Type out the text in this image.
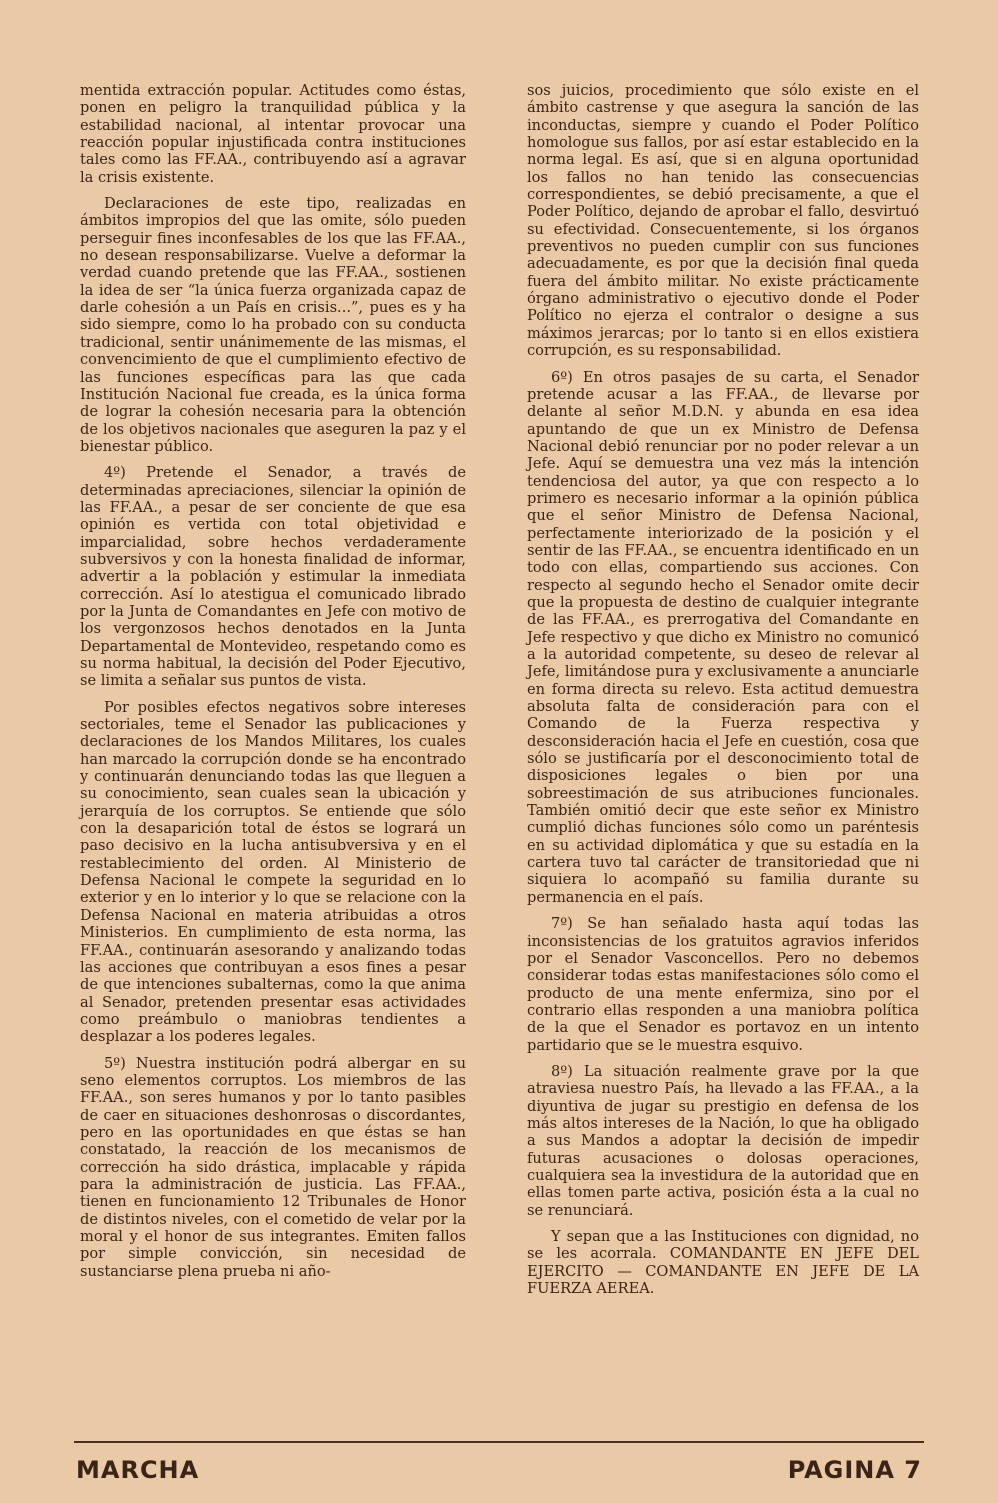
mentida extracción popular. Actitudes como éstas, ponen en peligro la tranquilidad pública y la estabilidad nacional, al intentar provocar una reacción popular injustificada contra instituciones tales como las FF.AA., contribuyendo así a agravar la crisis existente.

Declaraciones de este tipo, realizadas en ámbitos impropios del que las omite, sólo pueden perseguir fines inconfesables de los que las FF.AA., no desean responsabilizarse. Vuelve a deformar la verdad cuando pretende que las FF.AA., sostienen la idea de ser “la única fuerza organizada capaz de darle cohesión a un País en crisis...”, pues es y ha sido siempre, como lo ha probado con su conducta tradicional, sentir unánimemente de las mismas, el convencimiento de que el cumplimiento efectivo de las funciones específicas para las que cada Institución Nacional fue creada, es la única forma de lograr la cohesión necesaria para la obtención de los objetivos nacionales que aseguren la paz y el bienestar público.

4º) Pretende el Senador, a través de determinadas apreciaciones, silenciar la opinión de las FF.AA., a pesar de ser conciente de que esa opinión es vertida con total objetividad e imparcialidad, sobre hechos verdaderamente subversivos y con la honesta finalidad de informar, advertir a la población y estimular la inmediata corrección. Así lo atestigua el comunicado librado por la Junta de Comandantes en Jefe con motivo de los vergonzosos hechos denotados en la Junta Departamental de Montevideo, respetando como es su norma habitual, la decisión del Poder Ejecutivo, se limita a señalar sus puntos de vista.

Por posibles efectos negativos sobre intereses sectoriales, teme el Senador las publicaciones y declaraciones de los Mandos Militares, los cuales han marcado la corrupción donde se ha encontrado y continuarán denunciando todas las que lleguen a su conocimiento, sean cuales sean la ubicación y jerarquía de los corruptos. Se entiende que sólo con la desaparición total de éstos se logrará un paso decisivo en la lucha antisubversiva y en el restablecimiento del orden. Al Ministerio de Defensa Nacional le compete la seguridad en lo exterior y en lo interior y lo que se relacione con la Defensa Nacional en materia atribuidas a otros Ministerios. En cumplimiento de esta norma, las FF.AA., continuarán asesorando y analizando todas las acciones que contribuyan a esos fines a pesar de que intenciones subalternas, como la que anima al Senador, pretenden presentar esas actividades como preámbulo o maniobras tendientes a desplazar a los poderes legales.

5º) Nuestra institución podrá albergar en su seno elementos corruptos. Los miembros de las FF.AA., son seres humanos y por lo tanto pasibles de caer en situaciones deshonrosas o discordantes, pero en las oportunidades en que éstas se han constatado, la reacción de los mecanismos de corrección ha sido drástica, implacable y rápida para la administración de justicia. Las FF.AA., tienen en funcionamiento 12 Tribunales de Honor de distintos niveles, con el cometido de velar por la moral y el honor de sus integrantes. Emiten fallos por simple convicción, sin necesidad de sustanciarse plena prueba ni año-

sos juicios, procedimiento que sólo existe en el ámbito castrense y que asegura la sanción de las inconductas, siempre y cuando el Poder Político homologue sus fallos, por así estar establecido en la norma legal. Es así, que si en alguna oportunidad los fallos no han tenido las consecuencias correspondientes, se debió precisamente, a que el Poder Político, dejando de aprobar el fallo, desvirtuó su efectividad. Consecuentemente, si los órganos preventivos no pueden cumplir con sus funciones adecuadamente, es por que la decisión final queda fuera del ámbito militar. No existe prácticamente órgano administrativo o ejecutivo donde el Poder Político no ejerza el contralor o designe a sus máximos jerarcas; por lo tanto si en ellos existiera corrupción, es su responsabilidad.

6º) En otros pasajes de su carta, el Senador pretende acusar a las FF.AA., de llevarse por delante al señor M.D.N. y abunda en esa idea apuntando de que un ex Ministro de Defensa Nacional debió renunciar por no poder relevar a un Jefe. Aquí se demuestra una vez más la intención tendenciosa del autor, ya que con respecto a lo primero es necesario informar a la opinión pública que el señor Ministro de Defensa Nacional, perfectamente interiorizado de la posición y el sentir de las FF.AA., se encuentra identificado en un todo con ellas, compartiendo sus acciones. Con respecto al segundo hecho el Senador omite decir que la propuesta de destino de cualquier integrante de las FF.AA., es prerrogativa del Comandante en Jefe respectivo y que dicho ex Ministro no comunicó a la autoridad competente, su deseo de relevar al Jefe, limitándose pura y exclusivamente a anunciarle en forma directa su relevo. Esta actitud demuestra absoluta falta de consideración para con el Comando de la Fuerza respectiva y desconsideración hacia el Jefe en cuestión, cosa que sólo se justificaría por el desconocimiento total de disposiciones legales o bien por una sobreestimación de sus atribuciones funcionales. También omitió decir que este señor ex Ministro cumplió dichas funciones sólo como un paréntesis en su actividad diplomática y que su estadía en la cartera tuvo tal carácter de transitoriedad que ni siquiera lo acompañó su familia durante su permanencia en el país.

7º) Se han señalado hasta aquí todas las inconsistencias de los gratuitos agravios inferidos por el Senador Vasconcellos. Pero no debemos considerar todas estas manifestaciones sólo como el producto de una mente enfermiza, sino por el contrario ellas responden a una maniobra política de la que el Senador es portavoz en un intento partidario que se le muestra esquivo.

8º) La situación realmente grave por la que atraviesa nuestro País, ha llevado a las FF.AA., a la diyuntiva de jugar su prestigio en defensa de los más altos intereses de la Nación, lo que ha obligado a sus Mandos a adoptar la decisión de impedir futuras acusaciones o dolosas operaciones, cualquiera sea la investidura de la autoridad que en ellas tomen parte activa, posición ésta a la cual no se renunciará.

Y sepan que a las Instituciones con dignidad, no se les acorrala. COMANDANTE EN JEFE DEL EJERCITO — COMANDANTE EN JEFE DE LA FUERZA AEREA.

MARCHA	PAGINA 7
